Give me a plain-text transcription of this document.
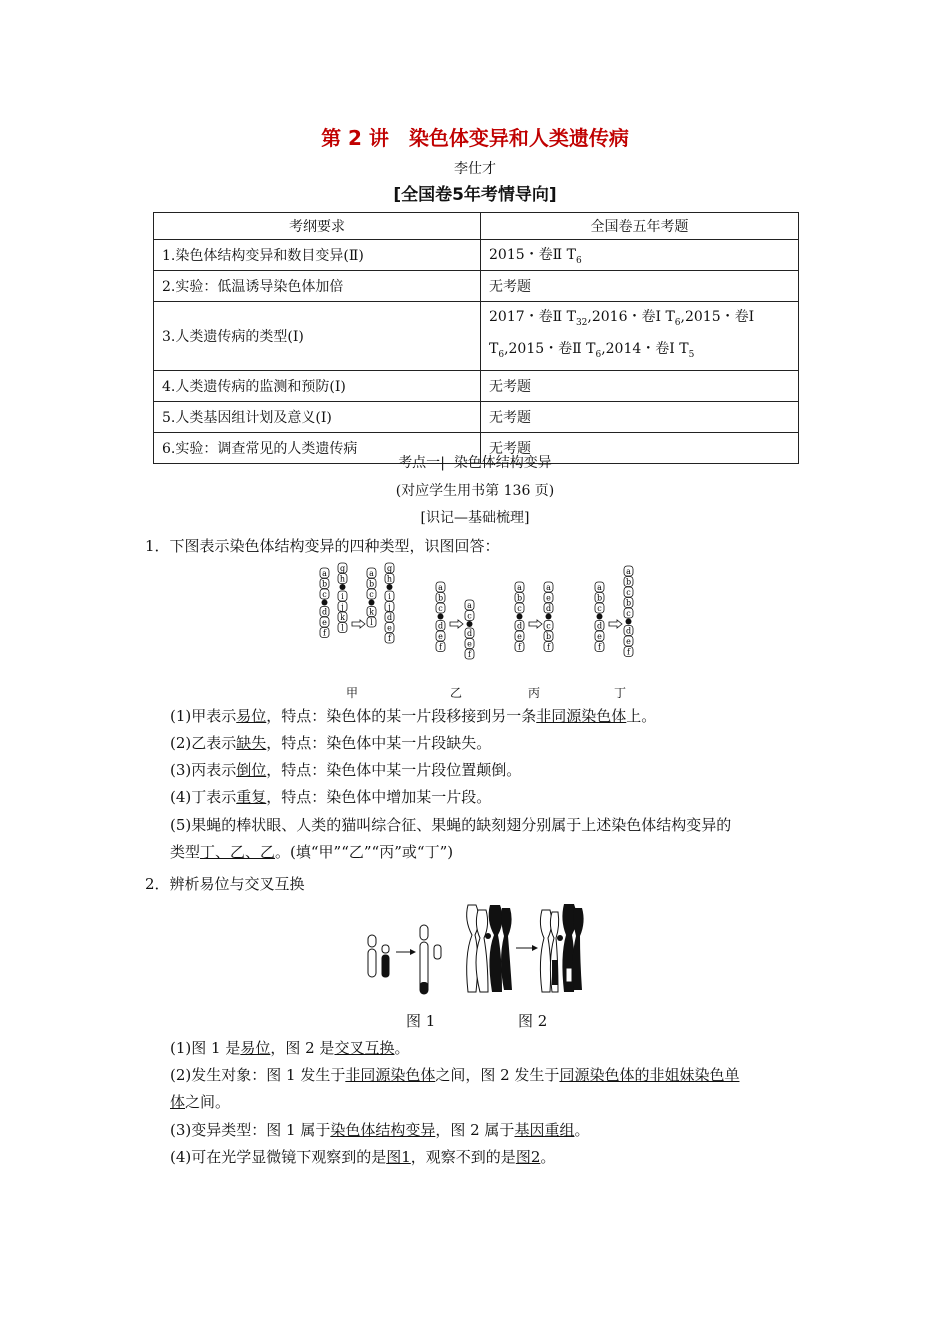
第 2 讲　染色体变异和人类遗传病
李仕才
[全国卷5年考情导向]
考纲要求	全国卷五年考题
1.染色体结构变异和数目变异(Ⅱ)	2015・卷Ⅱ $T_6$
2.实验：低温诱导染色体加倍	无考题
3.人类遗传病的类型(Ⅰ)	2017・卷Ⅱ $T_{32},2016$・卷Ⅰ $T_6,2015$・卷Ⅰ $T_6,2015$・卷Ⅱ $T_6,2014$・卷Ⅰ $T_5$
4.人类遗传病的监测和预防(Ⅰ)	无考题
5.人类基因组计划及意义(Ⅰ)	无考题
6.实验：调查常见的人类遗传病	无考题
考点一|  染色体结构变异
(对应学生用书第 136 页)
[识记—基础梳理]
1．下图表示染色体结构变异的四种类型，识图回答：
a
b
c
d
e
f
g
h
i
j
k
l
a
b
c
k
l
g
h
i
j
d
e
f
a
b
c
d
e
f
a
c
d
e
f
a
b
c
d
e
f
a
e
d
c
b
f
a
b
c
d
e
f
a
b
c
b
c
d
e
f
甲	乙	丙	丁
(1)甲表示易位，特点：染色体的某一片段移接到另一条非同源染色体上。
(2)乙表示缺失，特点：染色体中某一片段缺失。
(3)丙表示倒位，特点：染色体中某一片段位置颠倒。
(4)丁表示重复，特点：染色体中增加某一片段。
(5)果蝇的棒状眼、人类的猫叫综合征、果蝇的缺刻翅分别属于上述染色体结构变异的
类型丁、乙、乙。(填“甲”“乙”“丙”或“丁”)
2．辨析易位与交叉互换
图 1	图 2
(1)图 1 是易位，图 2 是交叉互换。
(2)发生对象：图 1 发生于非同源染色体之间，图 2 发生于同源染色体的非姐妹染色单
体之间。
(3)变异类型：图 1 属于染色体结构变异，图 2 属于基因重组。
(4)可在光学显微镜下观察到的是图1，观察不到的是图2。
